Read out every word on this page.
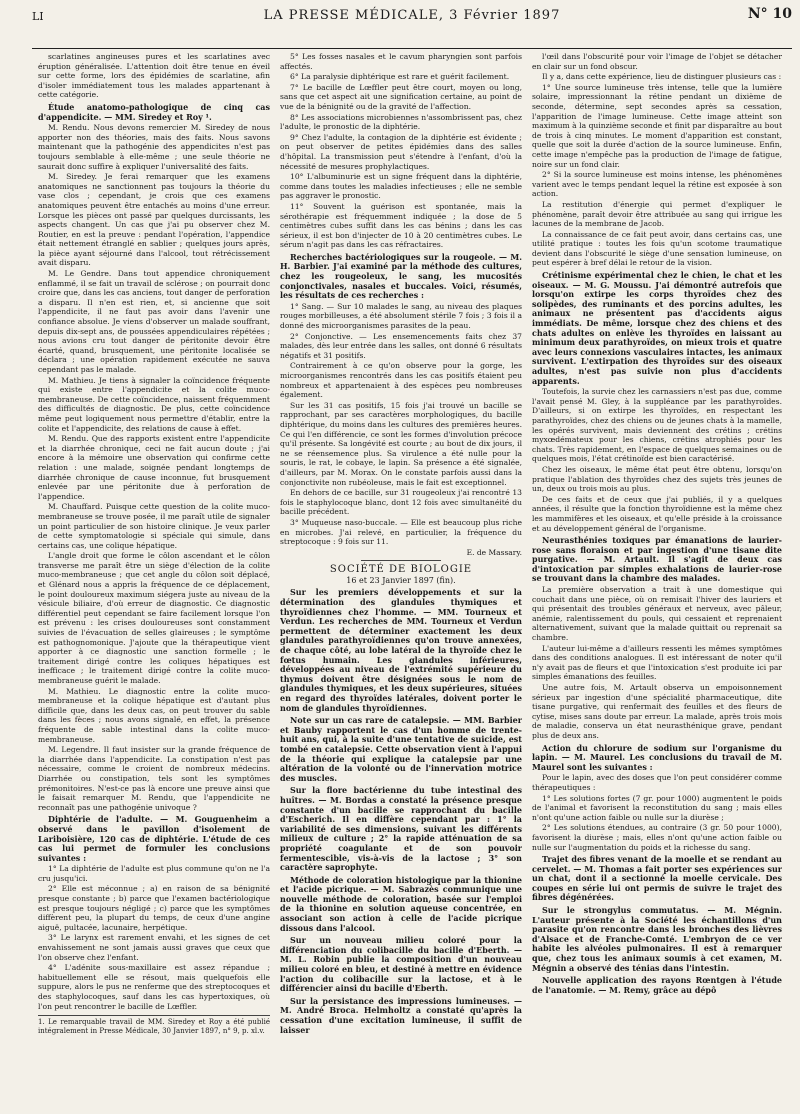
LI	LA PRESSE MÉDICALE, 3 Février 1897	N° 10

scarlatines angineuses pures et les scarlatines avec éruption généralisée. L'attention doit être tenue en éveil sur cette forme, lors des épidémies de scarlatine, afin d'isoler immédiatement tous les malades appartenant à cette catégorie.

Étude anatomo-pathologique de cinq cas d'appendicite. — MM. Siredey et Roy ¹.

M. Rendu. Nous devons remercier M. Siredey de nous apporter non des théories, mais des faits. Nous savons maintenant que la pathogénie des appendicites n'est pas toujours semblable à elle-même ; une seule théorie ne saurait donc suffire à expliquer l'universalité des faits.

M. Siredey. Je ferai remarquer que les examens anatomiques ne sanctionnent pas toujours la théorie du vase clos ; cependant, je crois que ces examens anatomiques peuvent être entachés au moins d'une erreur. Lorsque les pièces ont passé par quelques durcissants, les aspects changent. Un cas que j'ai pu observer chez M. Routier, en est la preuve : pendant l'opération, l'appendice était nettement étranglé en sablier ; quelques jours après, la pièce ayant séjourné dans l'alcool, tout rétrécissement avait disparu.

M. Le Gendre. Dans tout appendice chroniquement enflammé, il se fait un travail de sclérose ; on pourrait donc croire que, dans les cas anciens, tout danger de perforation a disparu. Il n'en est rien, et, si ancienne que soit l'appendicite, il ne faut pas avoir dans l'avenir une confiance absolue. Je viens d'observer un malade souffrant, depuis dix-sept ans, de poussées appendiculaires répétées ; nous avions cru tout danger de péritonite devoir être écarté, quand, brusquement, une péritonite localisée se déclara ; une opération rapidement exécutée ne sauva cependant pas le malade.

M. Mathieu. Je tiens à signaler la coïncidence fréquente qui existe entre l'appendicite et la colite muco-membraneuse. De cette coïncidence, naissent fréquemment des difficultés de diagnostic. De plus, cette coïncidence même peut logiquement nous permettre d'établir, entre la colite et l'appendicite, des relations de cause à effet.

M. Rendu. Que des rapports existent entre l'appendicite et la diarrhée chronique, ceci ne fait aucun doute ; j'ai encore à la mémoire une observation qui confirme cette relation : une malade, soignée pendant longtemps de diarrhée chronique de cause inconnue, fut brusquement enlevée par une péritonite due à perforation de l'appendice.

M. Chauffard. Puisque cette question de la colite muco-membraneuse se trouve posée, il me paraît utile de signaler un point particulier de son histoire clinique. Je veux parler de cette symptomatologie si spéciale qui simule, dans certains cas, une colique hépatique.

L'angle droit que forme le côlon ascendant et le côlon transverse me paraît être un siège d'élection de la colite muco-membraneuse ; que cet angle du côlon soit déplacé, et Glénard nous a appris la fréquence de ce déplacement, le point douloureux maximum siégera juste au niveau de la vésicule biliaire, d'où erreur de diagnostic. Ce diagnostic différentiel peut cependant se faire facilement lorsque l'on est prévenu : les crises douloureuses sont constamment suivies de l'évacuation de selles glaireuses ; le symptôme est pathognomonique. J'ajoute que la thérapeutique vient apporter à ce diagnostic une sanction formelle ; le traitement dirigé contre les coliques hépatiques est inefficace ; le traitement dirigé contre la colite muco-membraneuse guérit le malade.

M. Mathieu. Le diagnostic entre la colite muco-membraneuse et la colique hépatique est d'autant plus difficile que, dans les deux cas, on peut trouver du sable dans les fèces ; nous avons signalé, en effet, la présence fréquente de sable intestinal dans la colite muco-membraneuse.

M. Legendre. Il faut insister sur la grande fréquence de la diarrhée dans l'appendicite. La constipation n'est pas nécessaire, comme le croient de nombreux médecins. Diarrhée ou constipation, tels sont les symptômes prémonitoires. N'est-ce pas là encore une preuve ainsi que le faisait remarquer M. Rendu, que l'appendicite ne reconnaît pas une pathogénie univoque ?

Diphtérie de l'adulte. — M. Gouguenheim a observé dans le pavillon d'isolement de Lariboisière, 120 cas de diphtérie. L'étude de ces cas lui permet de formuler les conclusions suivantes :

1° La diphtérie de l'adulte est plus commune qu'on ne l'a cru jusqu'ici.

2° Elle est méconnue ; a) en raison de sa bénignité presque constante ; b) parce que l'examen bactériologique est presque toujours négligé ; c) parce que les symptômes diffèrent peu, la plupart du temps, de ceux d'une angine aiguë, pultacée, lacunaire, herpétique.

3° Le larynx est rarement envahi, et les signes de cet envahissement ne sont jamais aussi graves que ceux que l'on observe chez l'enfant.

4° L'adénite sous-maxillaire est assez répandue ; habituellement elle se résout, mais quelquefois elle suppure, alors le pus ne renferme que des streptocoques et des staphylocoques, sauf dans les cas hypertoxiques, où l'on peut rencontrer le bacille de Lœffler.

1. Le remarquable travail de MM. Siredey et Roy a été publié intégralement in Presse Médicale, 30 Janvier 1897, n° 9, p. xl.v.

5° Les fosses nasales et le cavum pharyngien sont parfois affectés.

6° La paralysie diphtérique est rare et guérit facilement.

7° Le bacille de Lœffler peut être court, moyen ou long, sans que cet aspect ait une signification certaine, au point de vue de la bénignité ou de la gravité de l'affection.

8° Les associations microbiennes n'assombrissent pas, chez l'adulte, le pronostic de la diphtérie.

9° Chez l'adulte, la contagion de la diphtérie est évidente ; on peut observer de petites épidémies dans des salles d'hôpital. La transmission peut s'étendre à l'enfant, d'où la nécessité de mesures prophylactiques.

10° L'albuminurie est un signe fréquent dans la diphtérie, comme dans toutes les maladies infectieuses ; elle ne semble pas aggraver le pronostic.

11° Souvent la guérison est spontanée, mais la sérothérapie est fréquemment indiquée ; la dose de 5 centimètres cubes suffit dans les cas bénins ; dans les cas sérieux, il est bon d'injecter de 10 à 20 centimètres cubes. Le sérum n'agit pas dans les cas réfractaires.

Recherches bactériologiques sur la rougeole. — M. H. Barbier. J'ai examiné par la méthode des cultures, chez les rougeoleux, le sang, les mucosités conjonctivales, nasales et buccales. Voici, résumés, les résultats de ces recherches :

1° Sang. — Sur 10 malades le sang, au niveau des plaques rouges morbilleuses, a été absolument stérile 7 fois ; 3 fois il a donné des microorganismes parasites de la peau.

2° Conjonctive. — Les ensemencements faits chez 37 malades, dès leur entrée dans les salles, ont donné 6 résultats négatifs et 31 positifs.

Contrairement à ce qu'on observe pour la gorge, les microorganismes rencontrés dans les cas positifs étaient peu nombreux et appartenaient à des espèces peu nombreuses également.

Sur les 31 cas positifs, 15 fois j'ai trouvé un bacille se rapprochant, par ses caractères morphologiques, du bacille diphtérique, du moins dans les cultures des premières heures. Ce qui l'en différencie, ce sont les formes d'involution précoce qu'il présente. Sa longévité est courte ; au bout de dix jours, il ne se réensemence plus. Sa virulence a été nulle pour la souris, le rat, le cobaye, le lapin. Sa présence a été signalée, d'ailleurs, par M. Morax. On le constate parfois aussi dans la conjonctivite non rubéoleuse, mais le fait est exceptionnel.

En dehors de ce bacille, sur 31 rougeoleux j'ai rencontré 13 fois le staphylocoque blanc, dont 12 fois avec simultanéité du bacille précédent.

3° Muqueuse naso-buccale. — Elle est beaucoup plus riche en microbes. J'ai relevé, en particulier, la fréquence du streptocoque : 9 fois sur 11.

E. de Massary.
SOCIÉTÉ DE BIOLOGIE
16 et 23 Janvier 1897 (fin).
Sur les premiers développements et sur la détermination des glandules thymiques et thyroïdiennes chez l'homme. — MM. Tourneux et Verdun. Les recherches de MM. Tourneux et Verdun permettent de déterminer exactement les deux glandules parathyroïdiennes qu'on trouve annexées, de chaque côté, au lobe latéral de la thyroïde chez le fœtus humain. Les glandules inférieures, développées au niveau de l'extrémité supérieure du thymus doivent être désignées sous le nom de glandules thymiques, et les deux supérieures, situées en regard des thyroïdes latérales, doivent porter le nom de glandules thyroïdiennes.
Note sur un cas rare de catalepsie. — MM. Barbier et Bauby rapportent le cas d'un homme de trente-huit ans, qui, à la suite d'une tentative de suicide, est tombé en catalepsie. Cette observation vient à l'appui de la théorie qui explique la catalepsie par une altération de la volonté ou de l'innervation motrice des muscles.
Sur la flore bactérienne du tube intestinal des huîtres. — M. Bordas a constaté la présence presque constante d'un bacille se rapprochant du bacille d'Escherich. Il en diffère cependant par : 1° la variabilité de ses dimensions, suivant les différents milieux de culture ; 2° la rapide atténuation de sa propriété coagulante et de son pouvoir fermentescible, vis-à-vis de la lactose ; 3° son caractère saprophyte.
Méthode de coloration histologique par la thionine et l'acide picrique. — M. Sabrazès communique une nouvelle méthode de coloration, basée sur l'emploi de la thionine en solution aqueuse concentrée, en associant son action à celle de l'acide picrique dissous dans l'alcool.
Sur un nouveau milieu coloré pour la différenciation du colibacille du bacille d'Eberth. — M. L. Robin publie la composition d'un nouveau milieu coloré en bleu, et destiné à mettre en évidence l'action du colibacille sur la lactose, et à le différencier ainsi du bacille d'Eberth.
Sur la persistance des impressions lumineuses. — M. André Broca. Helmholtz a constaté qu'après la cessation d'une excitation lumineuse, il suffit de laisser

l'œil dans l'obscurité pour voir l'image de l'objet se détacher en clair sur un fond obscur.

Il y a, dans cette expérience, lieu de distinguer plusieurs cas :

1° Une source lumineuse très intense, telle que la lumière solaire, impressionnant la rétine pendant un dixième de seconde, détermine, sept secondes après sa cessation, l'apparition de l'image lumineuse. Cette image atteint son maximum à la quinzième seconde et finit par disparaître au bout de trois à cinq minutes. Le moment d'apparition est constant, quelle que soit la durée d'action de la source lumineuse. Enfin, cette image n'empêche pas la production de l'image de fatigue, noire sur un fond clair.

2° Si la source lumineuse est moins intense, les phénomènes varient avec le temps pendant lequel la rétine est exposée à son action.

La restitution d'énergie qui permet d'expliquer le phénomène, paraît devoir être attribuée au sang qui irrigue les lacunes de la membrane de Jacob.

La connaissance de ce fait peut avoir, dans certains cas, une utilité pratique : toutes les fois qu'un scotome traumatique devient dans l'obscurité le siège d'une sensation lumineuse, on peut espérer à bref délai le retour de la vision.

Crétinisme expérimental chez le chien, le chat et les oiseaux. — M. G. Moussu. J'ai démontré autrefois que lorsqu'on extirpe les corps thyroïdes chez des solipèdes, des ruminants et des porcins adultes, les animaux ne présentent pas d'accidents aigus immédiats. De même, lorsque chez des chiens et des chats adultes on enlève les thyroïdes en laissant au minimum deux parathyroïdes, on mieux trois et quatre avec leurs connexions vasculaires intactes, les animaux survivent. L'extirpation des thyroïdes sur des oiseaux adultes, n'est pas suivie non plus d'accidents apparents.

Toutefois, la survie chez les carnassiers n'est pas due, comme l'avait pensé M. Gley, à la suppléance par les parathyroïdes. D'ailleurs, si on extirpe les thyroïdes, en respectant les parathyroïdes, chez des chiens ou de jeunes chats à la mamelle, les opérés survivent, mais deviennent des crétins ; crétins myxœdémateux pour les chiens, crétins atrophiés pour les chats. Très rapidement, en l'espace de quelques semaines ou de quelques mois, l'état crétinoïde est bien caractérisé.

Chez les oiseaux, le même état peut être obtenu, lorsqu'on pratique l'ablation des thyroïdes chez des sujets très jeunes de un, deux ou trois mois au plus.

De ces faits et de ceux que j'ai publiés, il y a quelques années, il résulte que la fonction thyroïdienne est la même chez les mammifères et les oiseaux, et qu'elle préside à la croissance et au développement général de l'organisme.

Neurasthénies toxiques par émanations de laurier-rose sans floraison et par ingestion d'une tisane dite purgative. — M. Artault. Il s'agit de deux cas d'intoxication par simples exhalations de laurier-rose se trouvant dans la chambre des malades.

La première observation a trait à une domestique qui couchait dans une pièce, où on remisait l'hiver des lauriers et qui présentait des troubles généraux et nerveux, avec pâleur, anémie, ralentissement du pouls, qui cessaient et reprenaient alternativement, suivant que la malade quittait ou reprenait sa chambre.

L'auteur lui-même a d'ailleurs ressenti les mêmes symptômes dans des conditions analogues. Il est intéressant de noter qu'il n'y avait pas de fleurs et que l'intoxication s'est produite ici par simples émanations des feuilles.

Une autre fois, M. Artault observa un empoisonnement sérieux par ingestion d'une spécialité pharmaceutique, dite tisane purgative, qui renfermait des feuilles et des fleurs de cytise, mises sans doute par erreur. La malade, après trois mois de maladie, conserva un état neurasthénique grave, pendant plus de deux ans.

Action du chlorure de sodium sur l'organisme du lapin. — M. Maurel. Les conclusions du travail de M. Maurel sont les suivantes :

Pour le lapin, avec des doses que l'on peut considérer comme thérapeutiques :

1° Les solutions fortes (7 gr. pour 1000) augmentent le poids de l'animal et favorisent la reconstitution du sang ; mais elles n'ont qu'une action faible ou nulle sur la diurèse ;

2° Les solutions étendues, au contraire (3 gr. 50 pour 1000), favorisent la diurèse ; mais, elles n'ont qu'une action faible ou nulle sur l'augmentation du poids et la richesse du sang.

Trajet des fibres venant de la moelle et se rendant au cervelet. — M. Thomas a fait porter ses expériences sur un chat, dont il a sectionné la moelle cervicale. Des coupes en série lui ont permis de suivre le trajet des fibres dégénérées.
Sur le strongylus commutatus. — M. Mégnin. L'auteur présente à la Société les échantillons d'un parasite qu'on rencontre dans les bronches des lièvres d'Alsace et de Franche-Comté. L'embryon de ce ver habite les alvéoles pulmonaires. Il est à remarquer que, chez tous les animaux soumis à cet examen, M. Mégnin a observé des ténias dans l'intestin.
Nouvelle application des rayons Rœntgen à l'étude de l'anatomie. — M. Remy, grâce au dépô
